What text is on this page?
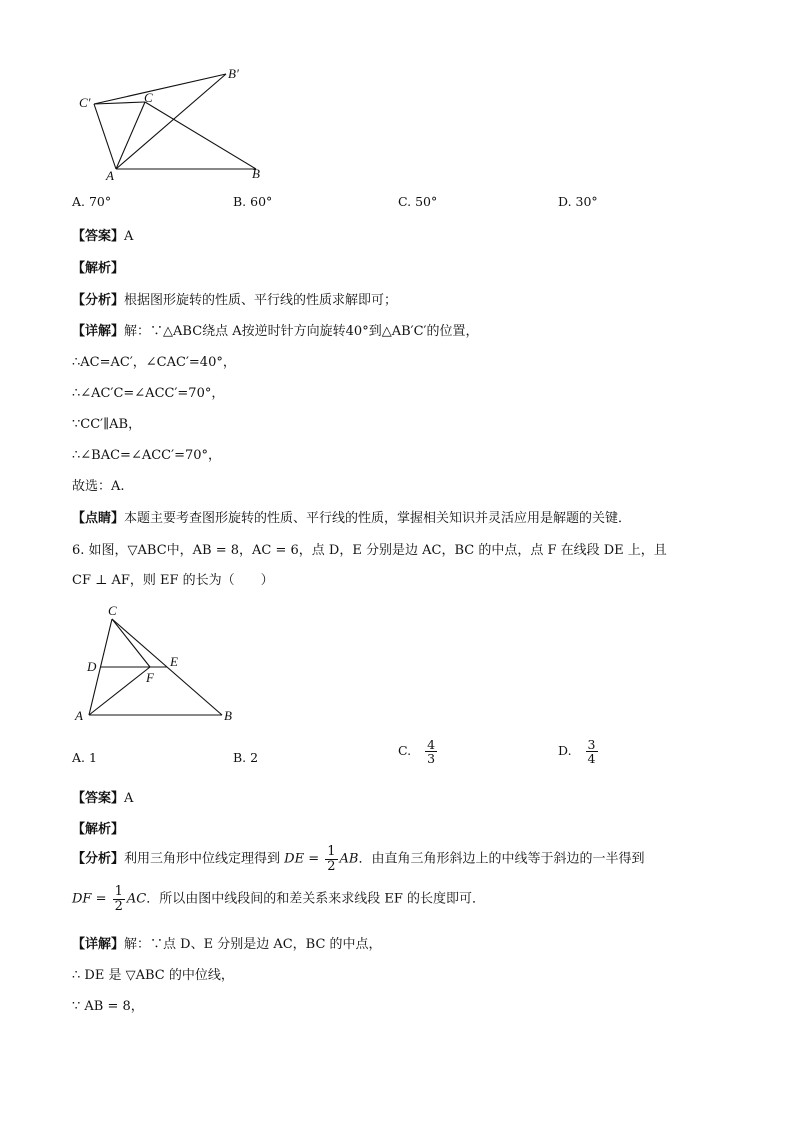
C′	C
B′
A	B
A. 70°	B. 60°	C. 50°	D. 30°
【答案】A
【解析】
【分析】根据图形旋转的性质、平行线的性质求解即可；
【详解】解：∵△ABC绕点 A按逆时针方向旋转40°到△AB′C′的位置，
∴AC=AC′，∠CAC′=40°，
∴∠AC′C=∠ACC′=70°，
∵CC′∥AB，
∴∠BAC=∠ACC′=70°，
故选：A.
【点睛】本题主要考查图形旋转的性质、平行线的性质，掌握相关知识并灵活应用是解题的关键．
6. 如图，▽ABC中，AB = 8，AC = 6，点 D，E 分别是边 AC，BC 的中点，点 F 在线段 DE 上，且
CF ⊥ AF，则 EF 的长为（　　）
C
D	E
F
A	B
A. 1	B. 2	C. $\frac{4}{3}$	D. $\frac{3}{4}$
【答案】A
【解析】
【分析】利用三角形中位线定理得到 DE = $\frac{1}{2}$ AB．由直角三角形斜边上的中线等于斜边的一半得到
DF = $\frac{1}{2}$ AC．所以由图中线段间的和差关系来求线段 EF 的长度即可．
【详解】解：∵点 D、E 分别是边 AC，BC 的中点，
∴ DE 是 ▽ABC 的中位线，
∵ AB = 8，
